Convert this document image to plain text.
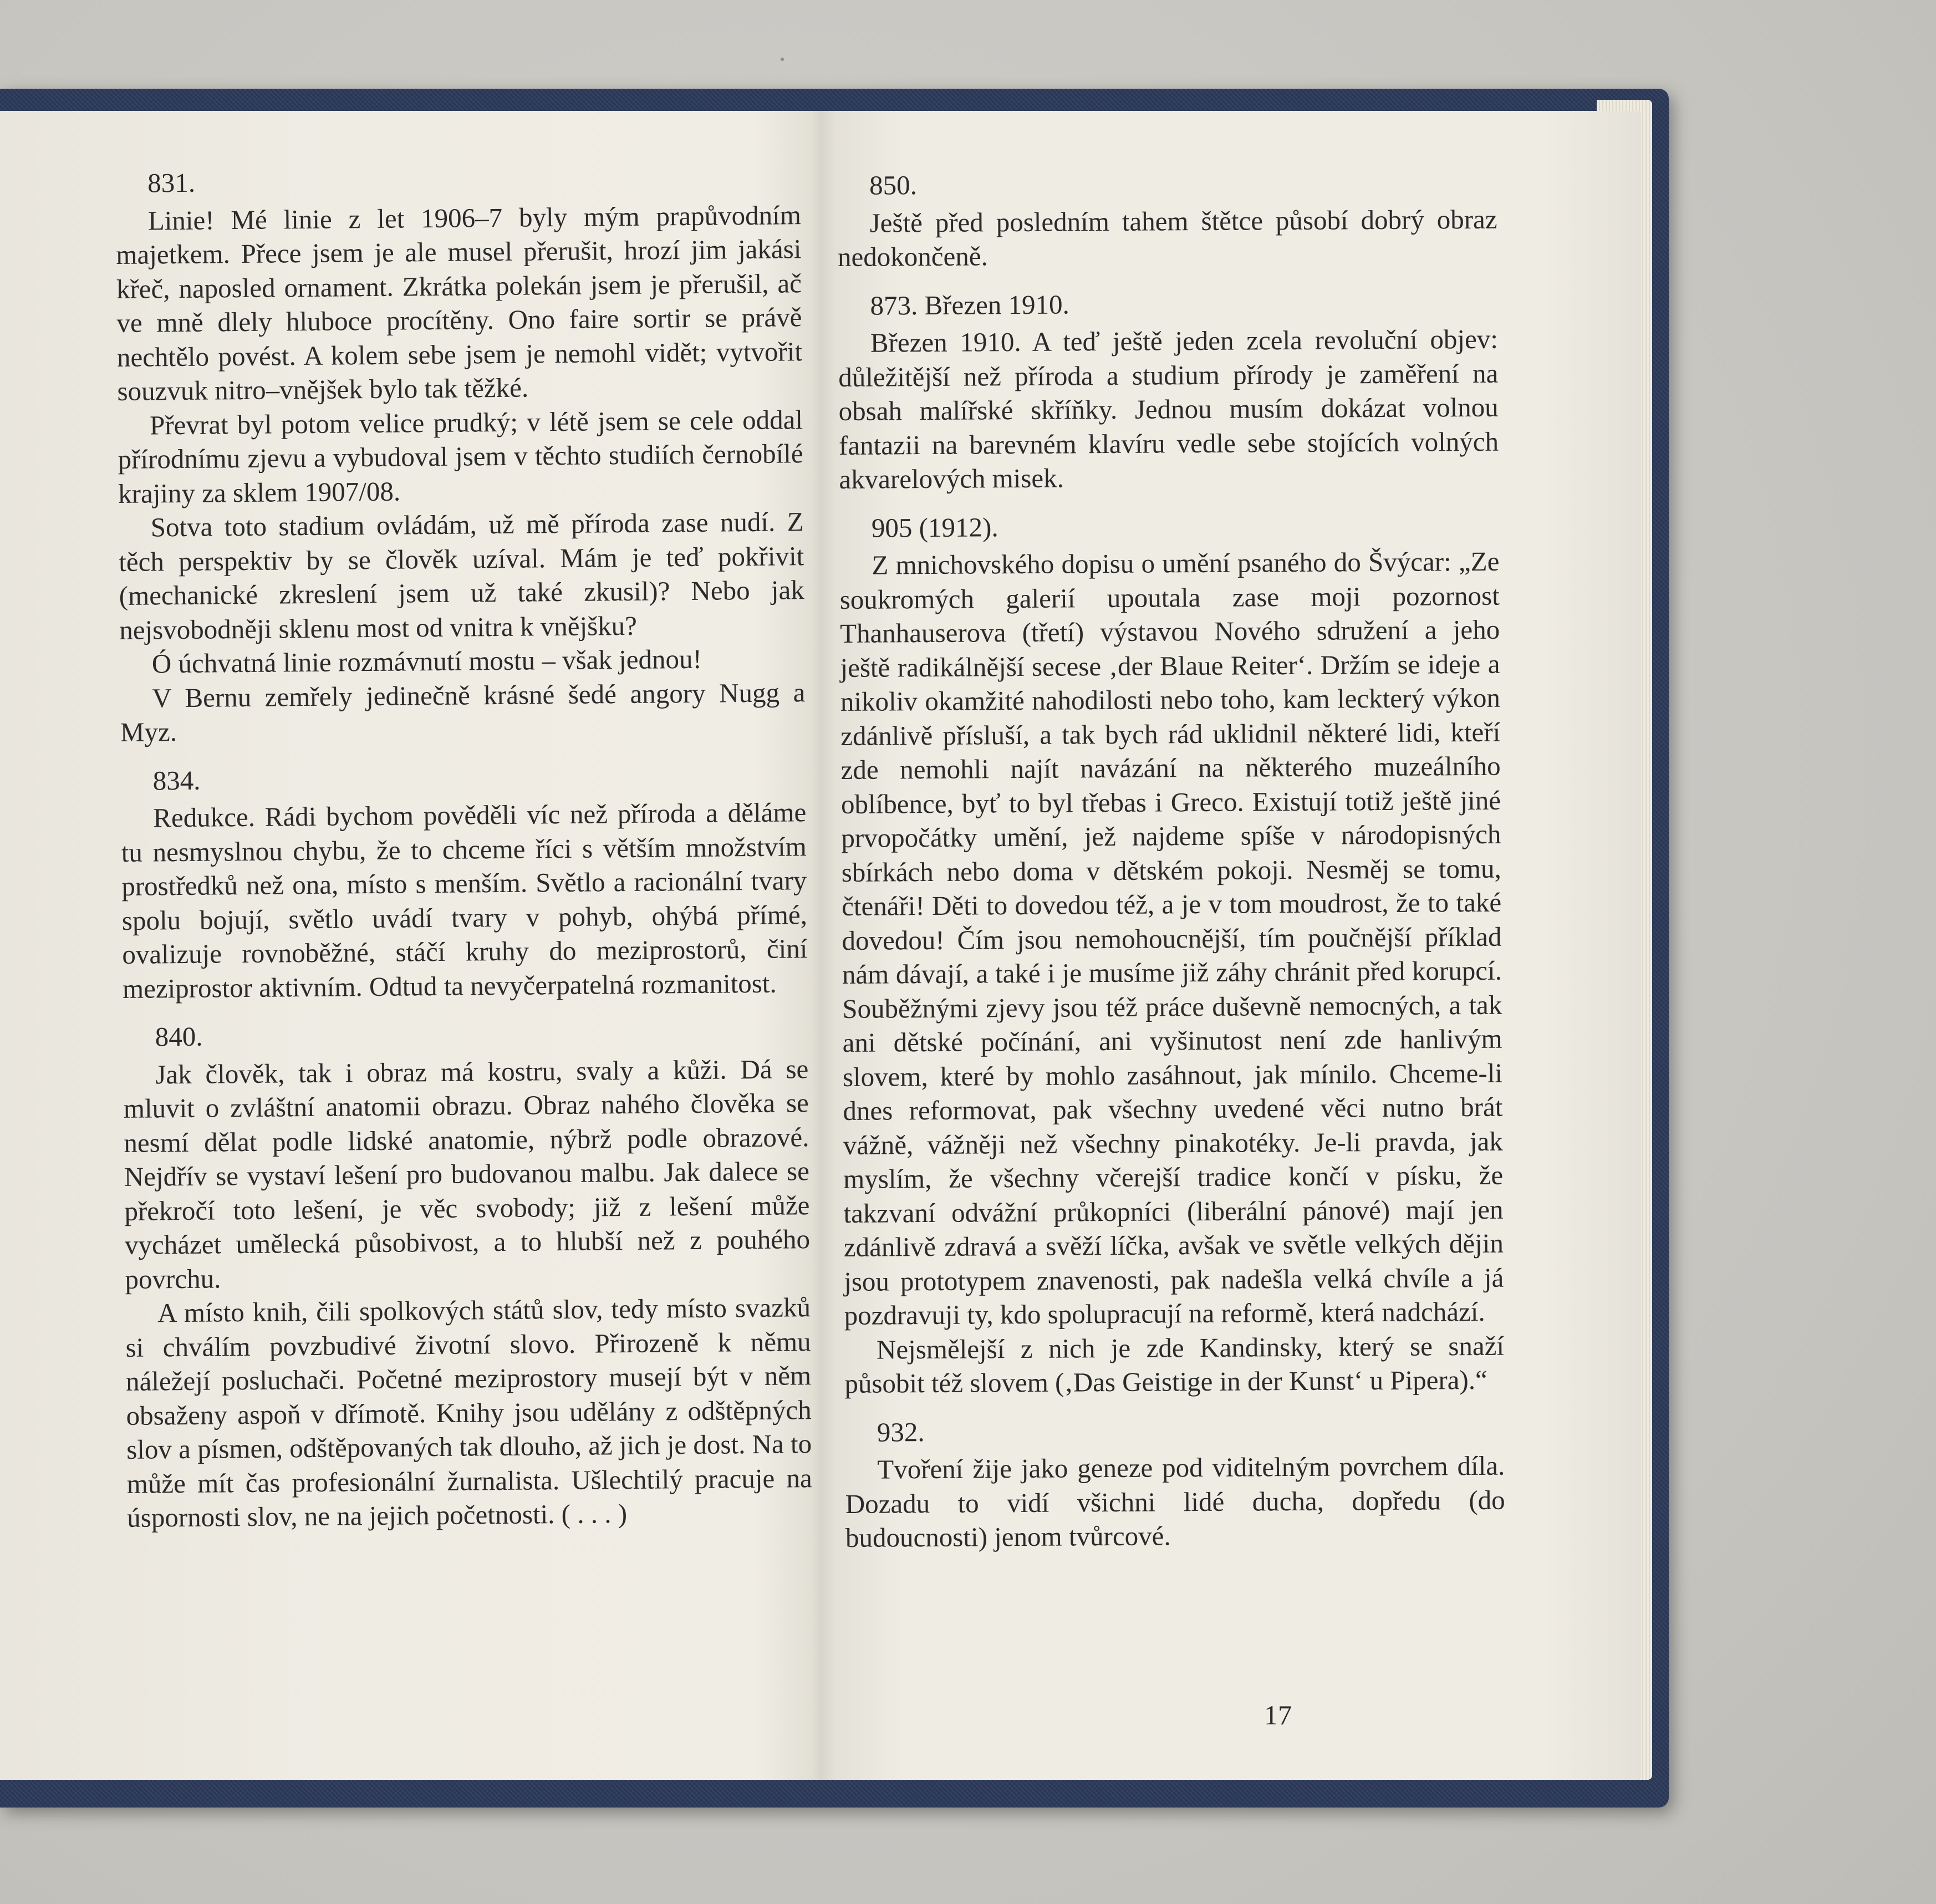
831.

Linie! Mé linie z let 1906–7 byly mým prapůvodním majetkem. Přece jsem je ale musel přerušit, hrozí jim jakási křeč, naposled ornament. Zkrátka polekán jsem je přerušil, ač ve mně dlely hluboce procítěny. Ono faire sortir se právě nechtělo povést. A kolem sebe jsem je nemohl vidět; vytvořit souzvuk nitro–vnějšek bylo tak těžké.

Převrat byl potom velice prudký; v létě jsem se cele oddal přírodnímu zjevu a vybudoval jsem v těchto studiích černobílé krajiny za sklem 1907/08.

Sotva toto stadium ovládám, už mě příroda zase nudí. Z těch perspektiv by se člověk uzíval. Mám je teď pokřivit (mechanické zkreslení jsem už také zkusil)? Nebo jak nejsvobodněji sklenu most od vnitra k vnějšku?

Ó úchvatná linie rozmávnutí mostu – však jednou!

V Bernu zemřely jedinečně krásné šedé angory Nugg a Myz.

834.

Redukce. Rádi bychom pověděli víc než příroda a děláme tu nesmyslnou chybu, že to chceme říci s větším množstvím prostředků než ona, místo s menším. Světlo a racionální tvary spolu bojují, světlo uvádí tvary v pohyb, ohýbá přímé, ovalizuje rovnoběžné, stáčí kruhy do meziprostorů, činí meziprostor aktivním. Odtud ta nevyčerpatelná rozmanitost.

840.

Jak člověk, tak i obraz má kostru, svaly a kůži. Dá se mluvit o zvláštní anatomii obrazu. Obraz nahého člověka se nesmí dělat podle lidské anatomie, nýbrž podle obrazové. Nejdřív se vystaví lešení pro budovanou malbu. Jak dalece se překročí toto lešení, je věc svobody; již z lešení může vycházet umělecká působivost, a to hlubší než z pouhého povrchu.

A místo knih, čili spolkových států slov, tedy místo svazků si chválím povzbudivé životní slovo. Přirozeně k němu náležejí posluchači. Početné meziprostory musejí být v něm obsaženy aspoň v dřímotě. Knihy jsou udělány z odštěpných slov a písmen, odštěpovaných tak dlouho, až jich je dost. Na to může mít čas profesionální žurnalista. Ušlechtilý pracuje na úspornosti slov, ne na jejich početnosti. ( . . . )

850.

Ještě před posledním tahem štětce působí dobrý obraz nedokončeně.

873. Březen 1910.

Březen 1910. A teď ještě jeden zcela revoluční objev: důležitější než příroda a studium přírody je zaměření na obsah malířské skříňky. Jednou musím dokázat volnou fantazii na barevném klavíru vedle sebe stojících volných akvarelových misek.

905 (1912).

Z mnichovského dopisu o umění psaného do Švýcar: „Ze soukromých galerií upoutala zase moji pozornost Thanhauserova (třetí) výstavou Nového sdružení a jeho ještě radikálnější secese ‚der Blaue Reiter‘. Držím se ideje a nikoliv okamžité nahodilosti nebo toho, kam leckterý výkon zdánlivě přísluší, a tak bych rád uklidnil některé lidi, kteří zde nemohli najít navázání na některého muzeálního oblíbence, byť to byl třebas i Greco. Existují totiž ještě jiné prvopočátky umění, jež najdeme spíše v národopisných sbírkách nebo doma v dětském pokoji. Nesměj se tomu, čtenáři! Děti to dovedou též, a je v tom moudrost, že to také dovedou! Čím jsou nemohoucnější, tím poučnější příklad nám dávají, a také i je musíme již záhy chránit před korupcí. Souběžnými zjevy jsou též práce duševně nemocných, a tak ani dětské počínání, ani vyšinutost není zde hanlivým slovem, které by mohlo zasáhnout, jak mínilo. Chceme-li dnes reformovat, pak všechny uvedené věci nutno brát vážně, vážněji než všechny pinakotéky. Je-li pravda, jak myslím, že všechny včerejší tradice končí v písku, že takzvaní odvážní průkopníci (liberální pánové) mají jen zdánlivě zdravá a svěží líčka, avšak ve světle velkých dějin jsou prototypem znavenosti, pak nadešla velká chvíle a já pozdravuji ty, kdo spolupracují na reformě, která nadchází.

Nejsmělejší z nich je zde Kandinsky, který se snaží působit též slovem (‚Das Geistige in der Kunst‘ u Pipera).“

932.

Tvoření žije jako geneze pod viditelným povrchem díla. Dozadu to vidí všichni lidé ducha, dopředu (do budoucnosti) jenom tvůrcové.

17
